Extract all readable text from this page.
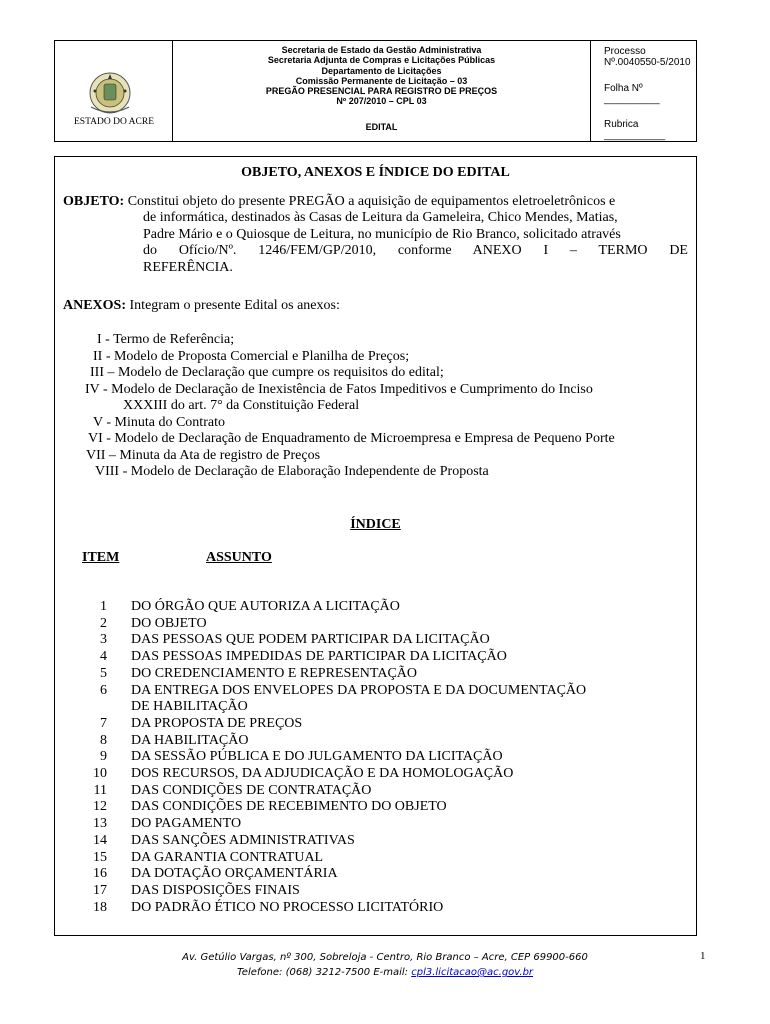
ESTADO DO ACRE
Secretaria de Estado da Gestão Administrativa
Secretaria Adjunta de Compras e Licitações Públicas
Departamento de Licitações
Comissão Permanente de Licitação – 03
PREGÃO PRESENCIAL PARA REGISTRO DE PREÇOS
Nº 207/2010 – CPL 03
EDITAL
Processo Nº.0040550-5/2010
Folha Nº __________
Rubrica ___________
OBJETO, ANEXOS E ÍNDICE DO EDITAL
OBJETO: Constitui objeto do presente PREGÃO a aquisição de equipamentos eletroeletrônicos e
de informática, destinados às Casas de Leitura da Gameleira, Chico Mendes, Matias,
Padre Mário e o Quiosque de Leitura, no município de Rio Branco, solicitado através
do Ofício/Nº. 1246/FEM/GP/2010, conforme ANEXO I – TERMO DE
REFERÊNCIA.
ANEXOS: Integram o presente Edital os anexos:
I - Termo de Referência;
II - Modelo de Proposta Comercial e Planilha de Preços;
III – Modelo de Declaração que cumpre os requisitos do edital;
IV - Modelo de Declaração de Inexistência de Fatos Impeditivos e Cumprimento do Inciso
XXXIII do art. 7° da Constituição Federal
V - Minuta do Contrato
VI - Modelo de Declaração de Enquadramento de Microempresa e Empresa de Pequeno Porte
VII – Minuta da Ata de registro de Preços
VIII - Modelo de Declaração de Elaboração Independente de Proposta
ÍNDICE
ITEM	ASSUNTO
1 DO ÓRGÃO QUE AUTORIZA A LICITAÇÃO
2 DO OBJETO
3 DAS PESSOAS QUE PODEM PARTICIPAR DA LICITAÇÃO
4 DAS PESSOAS IMPEDIDAS DE PARTICIPAR DA LICITAÇÃO
5 DO CREDENCIAMENTO E REPRESENTAÇÃO
6 DA ENTREGA DOS ENVELOPES DA PROPOSTA E DA DOCUMENTAÇÃO
DE HABILITAÇÃO
7 DA PROPOSTA DE PREÇOS
8 DA HABILITAÇÃO
9 DA SESSÃO PÚBLICA E DO JULGAMENTO DA LICITAÇÃO
10 DOS RECURSOS, DA ADJUDICAÇÃO E DA HOMOLOGAÇÃO
11 DAS CONDIÇÕES DE CONTRATAÇÃO
12 DAS CONDIÇÕES DE RECEBIMENTO DO OBJETO
13 DO PAGAMENTO
14 DAS SANÇÕES ADMINISTRATIVAS
15 DA GARANTIA CONTRATUAL
16 DA DOTAÇÃO ORÇAMENTÁRIA
17 DAS DISPOSIÇÕES FINAIS
18 DO PADRÃO ÉTICO NO PROCESSO LICITATÓRIO
Av. Getúlio Vargas, nº 300, Sobreloja - Centro, Rio Branco – Acre, CEP 69900-660
Telefone: (068) 3212-7500 E-mail: cpl3.licitacao@ac.gov.br
1
